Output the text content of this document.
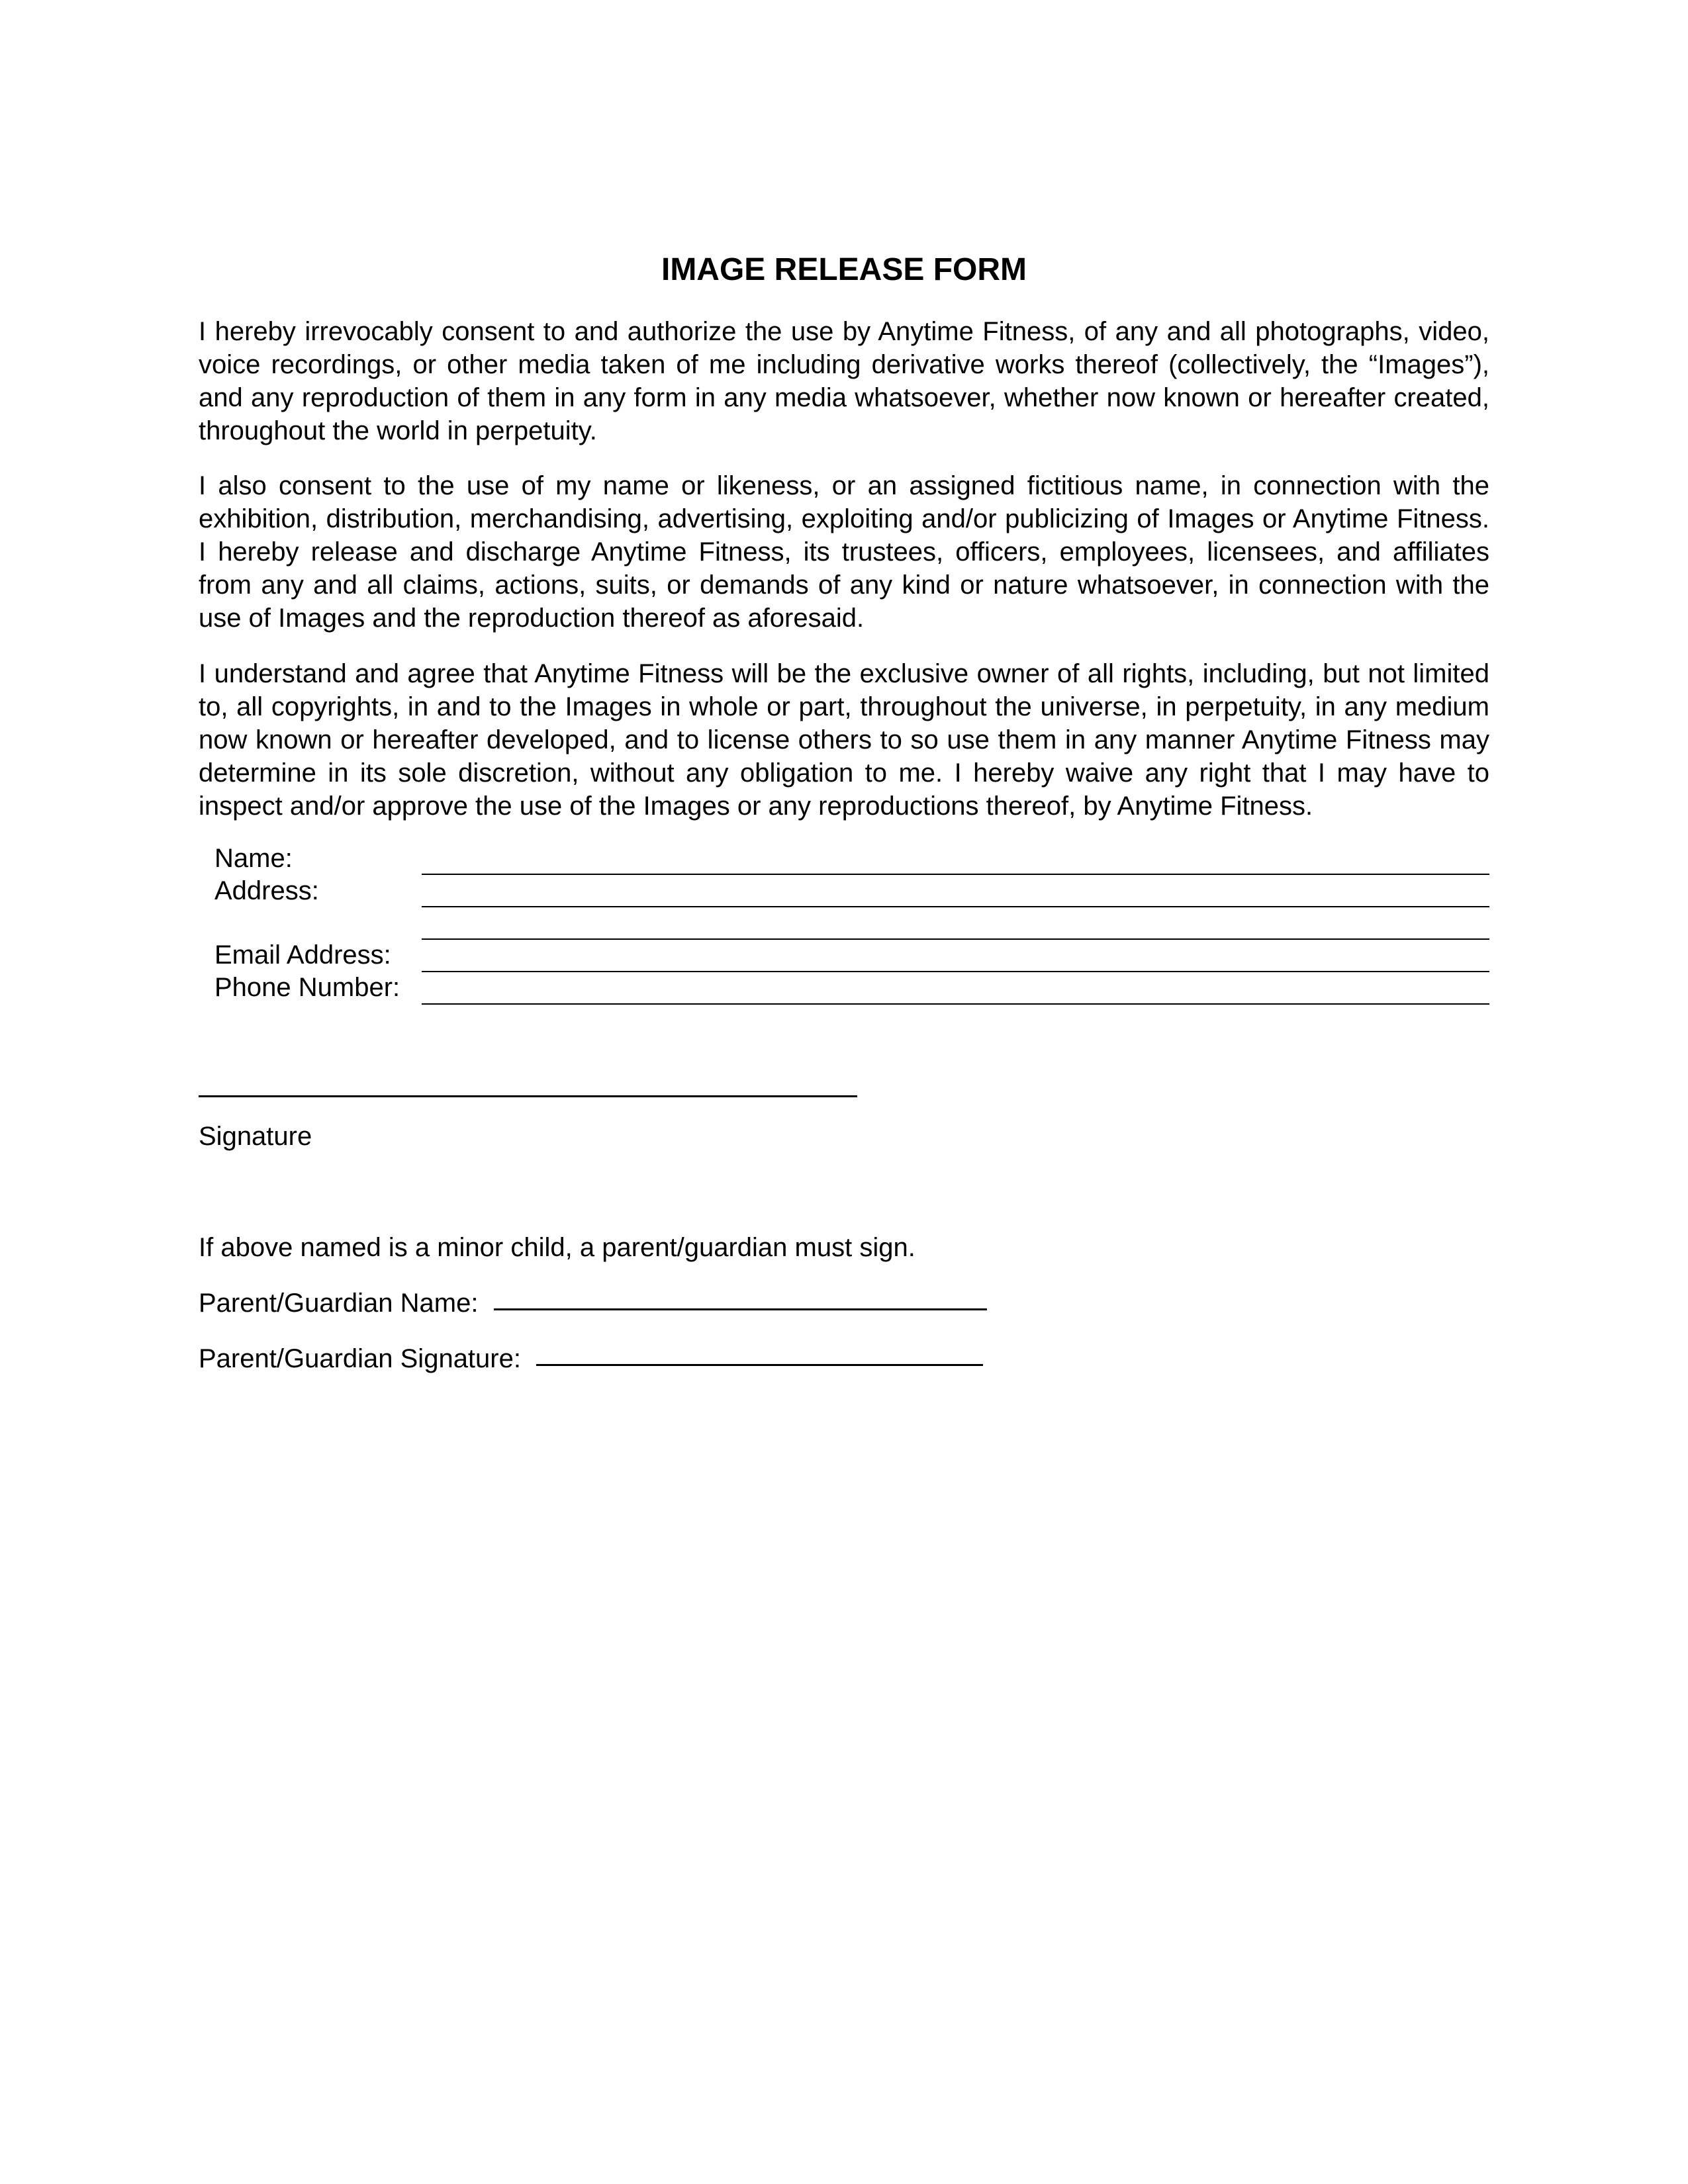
IMAGE RELEASE FORM

I hereby irrevocably consent to and authorize the use by Anytime Fitness, of any and all photographs, video, voice recordings, or other media taken of me including derivative works thereof (collectively, the “Images”), and any reproduction of them in any form in any media whatsoever, whether now known or hereafter created, throughout the world in perpetuity.

I also consent to the use of my name or likeness, or an assigned fictitious name, in connection with the exhibition, distribution, merchandising, advertising, exploiting and/or publicizing of Images or Anytime Fitness. I hereby release and discharge Anytime Fitness, its trustees, officers, employees, licensees, and affiliates from any and all claims, actions, suits, or demands of any kind or nature whatsoever, in connection with the use of Images and the reproduction thereof as aforesaid.

I understand and agree that Anytime Fitness will be the exclusive owner of all rights, including, but not limited to, all copyrights, in and to the Images in whole or part, throughout the universe, in perpetuity, in any medium now known or hereafter developed, and to license others to so use them in any manner Anytime Fitness may determine in its sole discretion, without any obligation to me. I hereby waive any right that I may have to inspect and/or approve the use of the Images or any reproductions thereof, by Anytime Fitness.

Name:

Address:

Email Address:

Phone Number:

Signature

If above named is a minor child, a parent/guardian must sign.

Parent/Guardian Name:
Parent/Guardian Signature:
